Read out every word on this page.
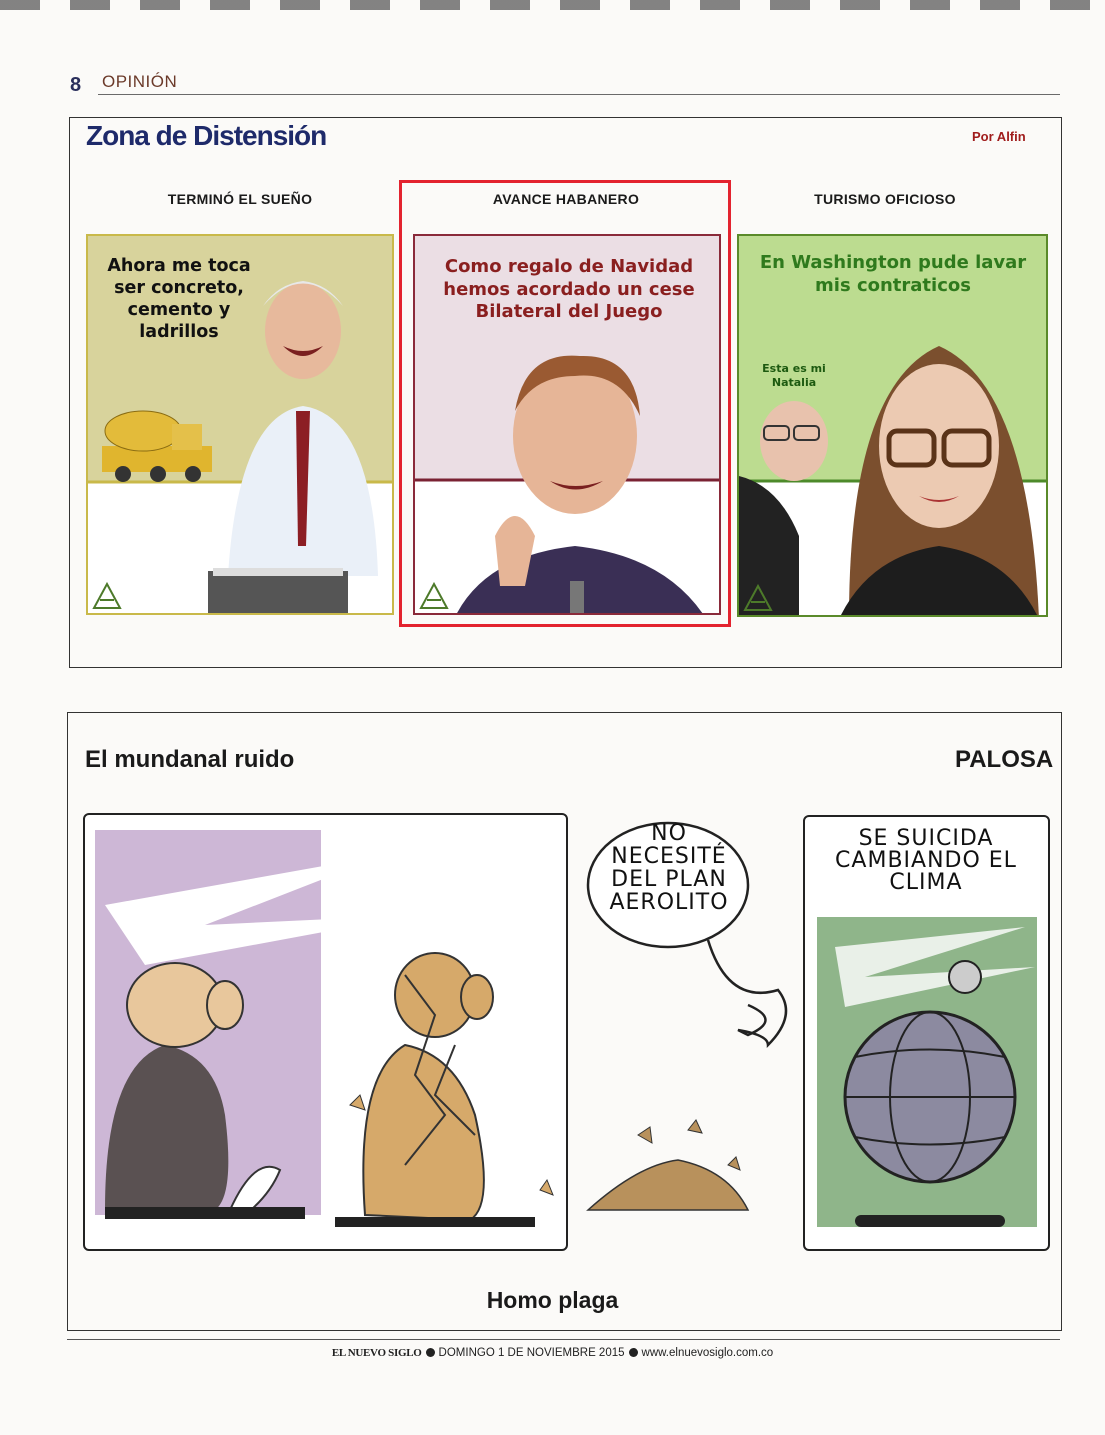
8 OPINIÓN
Zona de Distensión	Por Alfin
TERMINÓ EL SUEÑO	AVANCE HABANERO	TURISMO OFICIOSO
Ahora me toca ser concreto, cemento y ladrillos
Como regalo de Navidad hemos acordado un cese Bilateral del Juego
En Washington pude lavar mis contraticos
Esta es mi Natalia
El mundanal ruido	PALOSA
NO NECESITÉ DEL PLAN AEROLITO
SE SUICIDA CAMBIANDO EL CLIMA
Homo plaga
EL NUEVO SIGLO DOMINGO 1 DE NOVIEMBRE 2015 www.elnuevosiglo.com.co
